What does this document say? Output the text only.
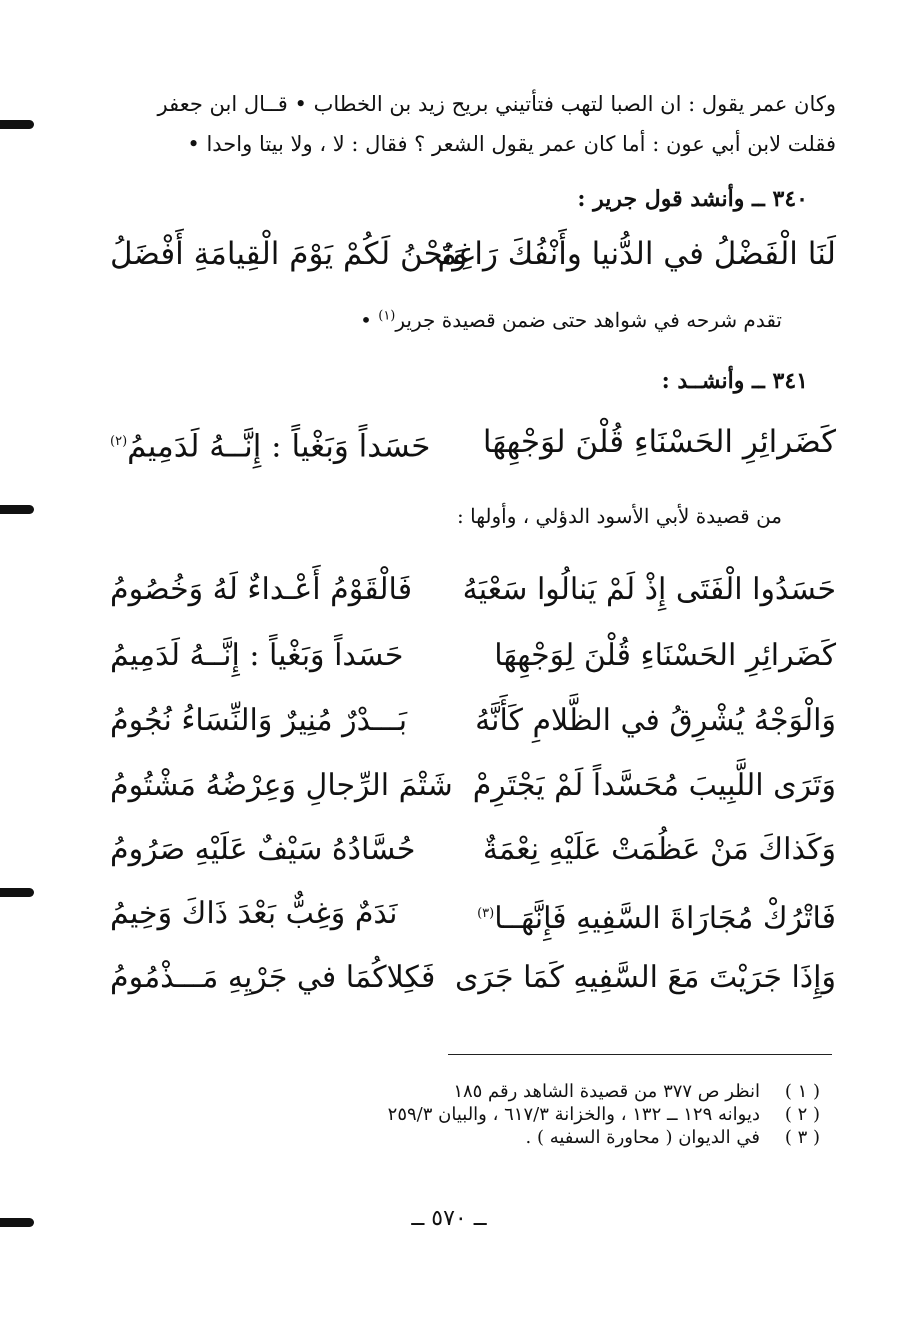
وكان عمر يقول : ان الصبا لتهب فتأتيني بريح زيد بن الخطاب • قــال ابن جعفر
فقلت لابن أبي عون : أما كان عمر يقول الشعر ؟ فقال : لا ، ولا بيتا واحدا •
٣٤٠ ــ وأنشد قول جرير :
لَنَا الْفَضْلُ في الدُّنيا وأَنْفُكَ رَاغِمٌ
وَنَحْنُ لَكُمْ يَوْمَ الْقِيامَةِ أَفْضَلُ
تقدم شرحه في شواهد حتى ضمن قصيدة جرير$^{(١)}$ •
٣٤١ ــ وأنشــد :
كَضَرائِرِ الحَسْنَاءِ قُلْنَ لوَجْهِهَا
حَسَداً وَبَغْياً : إِنَّــهُ لَدَمِيمُ$^{(٢)}$
من قصيدة لأبي الأسود الدؤلي ، وأولها :
حَسَدُوا الْفَتَى إِذْ لَمْ يَنالُوا سَعْيَهُ
فَالْقَوْمُ أَعْـداءٌ لَهُ وَخُصُومُ
كَضَرائِرِ الحَسْنَاءِ قُلْنَ لِوَجْهِهَا
حَسَداً وَبَغْياً : إِنَّــهُ لَدَمِيمُ
وَالْوَجْهُ يُشْرِقُ في الظَّلامِ كَأَنَّهُ
بَـــدْرٌ مُنِيرٌ وَالنِّسَاءُ نُجُومُ
وَتَرَى اللَّبِيبَ مُحَسَّداً لَمْ يَجْتَرِمْ
شَتْمَ الرِّجالِ وَعِرْضُهُ مَشْتُومُ
وَكَذاكَ مَنْ عَظُمَتْ عَلَيْهِ نِعْمَةٌ
حُسَّادُهُ سَيْفٌ عَلَيْهِ صَرُومُ
فَاتْرُكْ مُجَارَاةَ السَّفِيهِ فَإِنَّهَــا$^{(٣)}$
نَدَمٌ وَغِبٌّ بَعْدَ ذَاكَ وَخِيمُ
وَإِذَا جَرَيْتَ مَعَ السَّفِيهِ كَمَا جَرَى
فَكِلاكُمَا في جَرْيِهِ مَـــذْمُومُ
( ١ )
انظر ص ٣٧٧ من قصيدة الشاهد رقم ١٨٥
( ٢ )
ديوانه ١٢٩ ــ ١٣٢ ، والخزانة ٦١٧/٣ ، والبيان ٢٥٩/٣
( ٣ )
في الديوان ( محاورة السفيه ) .
ــ ٥٧٠ ــ
